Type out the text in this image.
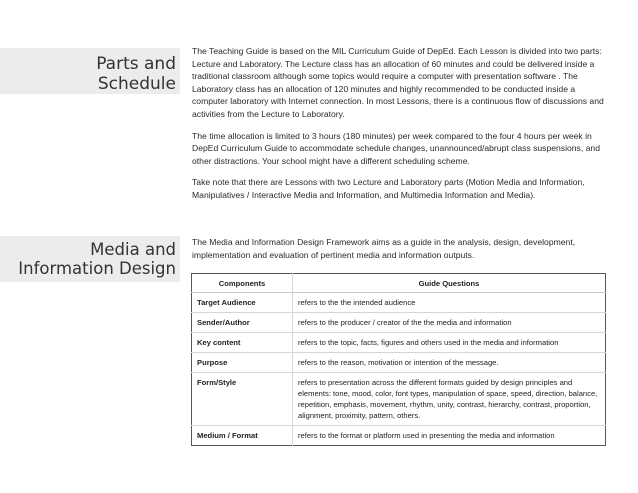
Parts and
Schedule

The Teaching Guide is based on the MIL Curriculum Guide of DepEd. Each Lesson is divided into two parts: Lecture and Laboratory. The Lecture class has an allocation of 60 minutes and could be delivered inside a traditional classroom although some topics would require a computer with presentation software . The Laboratory class has an allocation of 120 minutes and highly recommended to be conducted inside a computer laboratory with Internet connection. In most Lessons, there is a continuous flow of discussions and activities from the Lecture to Laboratory.

The time allocation is limited to 3 hours (180 minutes) per week compared to the four 4 hours per week in DepEd Curriculum Guide to accommodate schedule changes, unannounced/abrupt class suspensions, and other distractions. Your school might have a different scheduling scheme.

Take note that there are Lessons with two Lecture and Laboratory parts (Motion Media and Information, Manipulatives / Interactive Media and Information, and Multimedia Information and Media).

Media and
Information Design

The Media and Information Design Framework aims as a guide in the analysis, design, development, implementation and evaluation of pertinent media and information outputs.

Components	Guide Questions
Target Audience	refers to the the intended audience
Sender/Author	refers to the producer / creator of the the media and information
Key content	refers to the topic, facts, figures and others used in the media and information
Purpose	refers to the reason, motivation or intention of the message.
Form/Style	refers to presentation across the different formats guided by design principles and elements: tone, mood, color, font types, manipulation of space, speed, direction, balance, repetition, emphasis, movement, rhythm, unity, contrast, hierarchy, contrast, proportion, alignment, proximity, pattern, others.
Medium / Format	refers to the format or platform used in presenting the media and information
